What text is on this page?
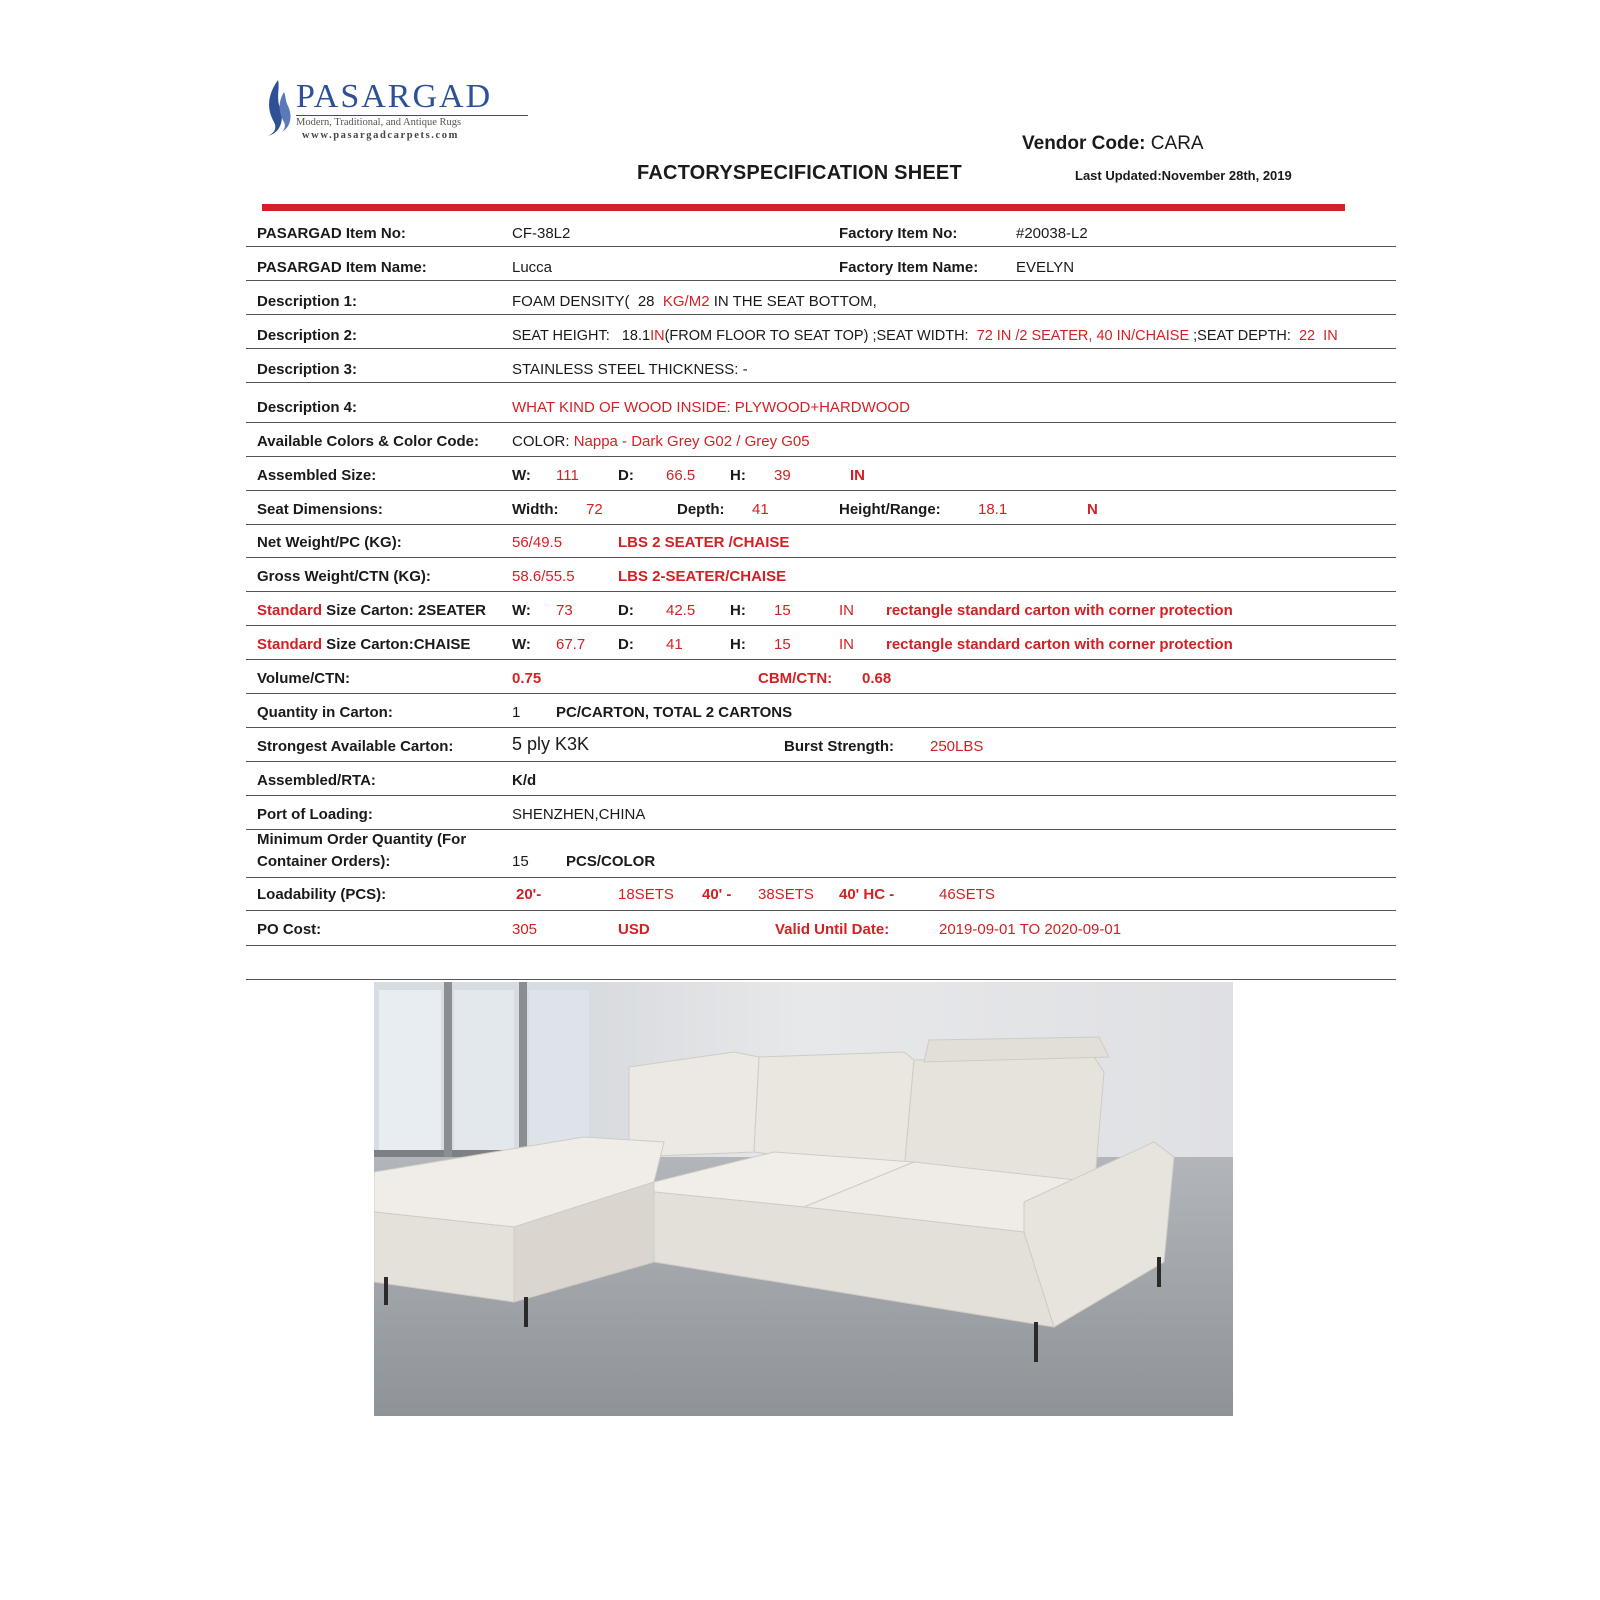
PASARGAD
Modern, Traditional, and Antique Rugs
www.pasargadcarpets.com	Vendor Code: CARA
FACTORYSPECIFICATION SHEET	Last Updated:November 28th, 2019
PASARGAD Item No:	CF-38L2	Factory Item No:	#20038-L2
PASARGAD Item Name:	Lucca	Factory Item Name:	EVELYN
Description 1:	FOAM DENSITY(  28  KG/M2 IN THE SEAT BOTTOM,
Description 2:	SEAT HEIGHT:   18.1IN(FROM FLOOR TO SEAT TOP) ;SEAT WIDTH:  72 IN /2 SEATER, 40 IN/CHAISE ;SEAT DEPTH:  22  IN
Description 3:	STAINLESS STEEL THICKNESS: -
Description 4:	WHAT KIND OF WOOD INSIDE: PLYWOOD+HARDWOOD
Available Colors & Color Code: COLOR: Nappa - Dark Grey G02 / Grey G05
Assembled Size:	W: 111	D: 66.5 H: 39	IN
Seat Dimensions:	Width: 72	Depth: 41	Height/Range: 18.1	N
Net Weight/PC (KG):	56/49.5	LBS 2 SEATER /CHAISE
Gross Weight/CTN (KG):	58.6/55.5	LBS 2-SEATER/CHAISE
Standard Size Carton: 2SEATER W: 73	D: 42.5 H: 15	IN rectangle standard carton with corner protection
Standard Size Carton:CHAISE	W: 67.7 D: 41	H: 15	IN rectangle standard carton with corner protection
Volume/CTN:	0.75	CBM/CTN: 0.68
Quantity in Carton:	1 PC/CARTON, TOTAL 2 CARTONS
Strongest Available Carton:	5 ply K3K	Burst Strength: 250LBS
Assembled/RTA:	K/d
Port of Loading:	SHENZHEN,CHINA
Minimum Order Quantity (For
Container Orders):	15 PCS/COLOR
Loadability (PCS):	20'-	18SETS 40' - 38SETS 40' HC -	46SETS
PO Cost:	305	USD	Valid Until Date:	2019-09-01 TO 2020-09-01
